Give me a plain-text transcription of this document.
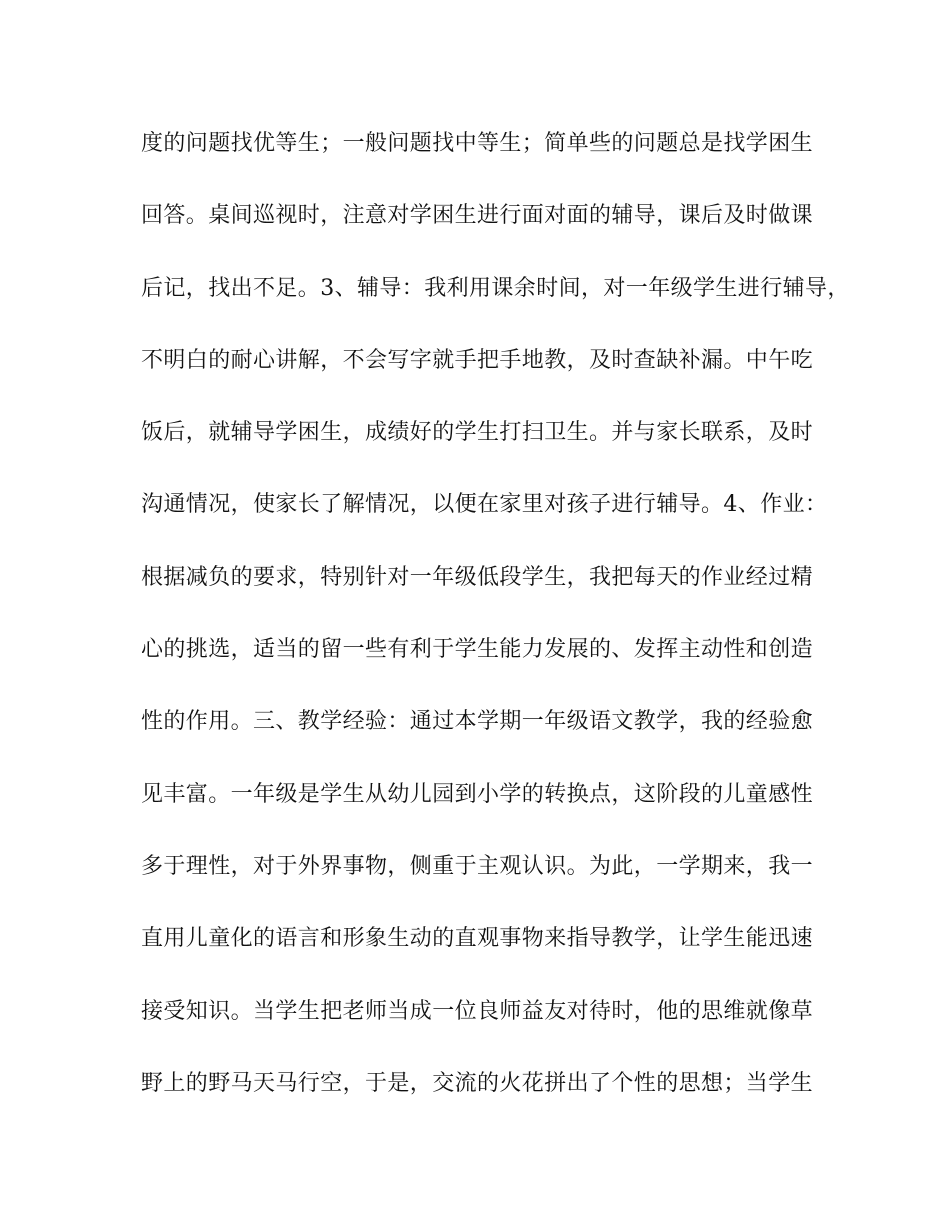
度的问题找优等生；一般问题找中等生；简单些的问题总是找学困生
回答。桌间巡视时，注意对学困生进行面对面的辅导，课后及时做课
后记，找出不足。3、辅导：我利用课余时间，对一年级学生进行辅导，
不明白的耐心讲解，不会写字就手把手地教，及时查缺补漏。中午吃
饭后，就辅导学困生，成绩好的学生打扫卫生。并与家长联系，及时
沟通情况，使家长了解情况，以便在家里对孩子进行辅导。4、作业：
根据减负的要求，特别针对一年级低段学生，我把每天的作业经过精
心的挑选，适当的留一些有利于学生能力发展的、发挥主动性和创造
性的作用。三、教学经验：通过本学期一年级语文教学，我的经验愈
见丰富。一年级是学生从幼儿园到小学的转换点，这阶段的儿童感性
多于理性，对于外界事物，侧重于主观认识。为此，一学期来，我一
直用儿童化的语言和形象生动的直观事物来指导教学，让学生能迅速
接受知识。当学生把老师当成一位良师益友对待时，他的思维就像草
野上的野马天马行空，于是，交流的火花拼出了个性的思想；当学生
